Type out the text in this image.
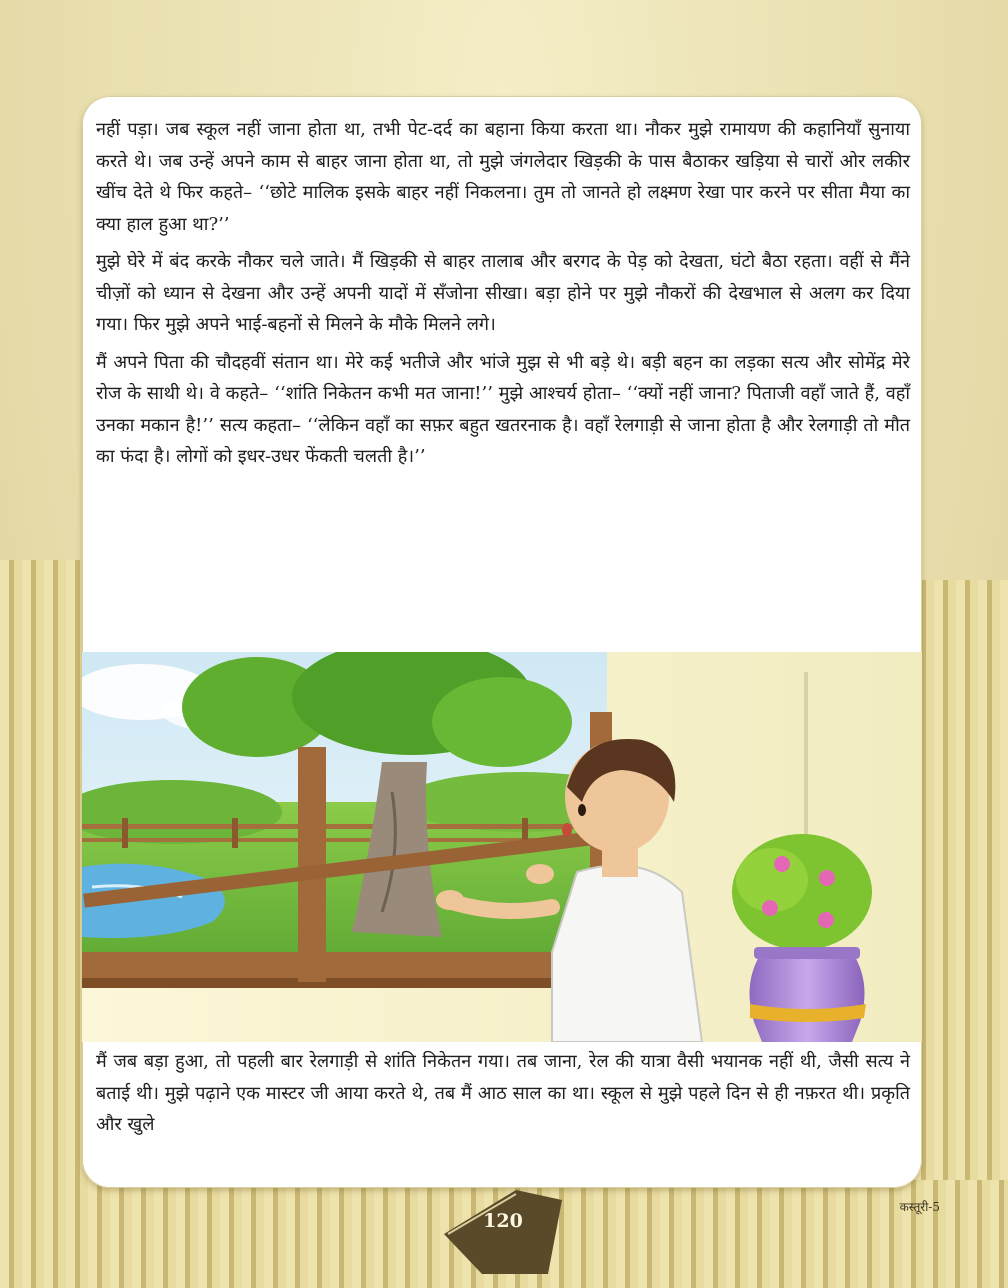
नहीं पड़ा। जब स्कूल नहीं जाना होता था, तभी पेट-दर्द का बहाना किया करता था। नौकर मुझे रामायण की कहानियाँ सुनाया करते थे। जब उन्हें अपने काम से बाहर जाना होता था, तो मुझे जंगलेदार खिड़की के पास बैठाकर खड़िया से चारों ओर लकीर खींच देते थे फिर कहते– ‘‘छोटे मालिक इसके बाहर नहीं निकलना। तुम तो जानते हो लक्ष्मण रेखा पार करने पर सीता मैया का क्या हाल हुआ था?’’

मुझे घेरे में बंद करके नौकर चले जाते। मैं खिड़की से बाहर तालाब और बरगद के पेड़ को देखता, घंटो बैठा रहता। वहीं से मैंने चीज़ों को ध्यान से देखना और उन्हें अपनी यादों में सँजोना सीखा। बड़ा होने पर मुझे नौकरों की देखभाल से अलग कर दिया गया। फिर मुझे अपने भाई-बहनों से मिलने के मौके मिलने लगे।

मैं अपने पिता की चौदहवीं संतान था। मेरे कई भतीजे और भांजे मुझ से भी बड़े थे। बड़ी बहन का लड़का सत्य और सोमेंद्र मेरे रोज के साथी थे। वे कहते– ‘‘शांति निकेतन कभी मत जाना!’’ मुझे आश्चर्य होता– ‘‘क्यों नहीं जाना? पिताजी वहाँ जाते हैं, वहाँ उनका मकान है!’’ सत्य कहता– ‘‘लेकिन वहाँ का सफ़र बहुत खतरनाक है। वहाँ रेलगाड़ी से जाना होता है और रेलगाड़ी तो मौत का फंदा है। लोगों को इधर-उधर फेंकती चलती है।’’

मैं जब बड़ा हुआ, तो पहली बार रेलगाड़ी से शांति निकेतन गया। तब जाना, रेल की यात्रा वैसी भयानक नहीं थी, जैसी सत्य ने बताई थी। मुझे पढ़ाने एक मास्टर जी आया करते थे, तब मैं आठ साल का था। स्कूल से मुझे पहले दिन से ही नफ़रत थी। प्रकृति और खुले

120
कस्तूरी-5
